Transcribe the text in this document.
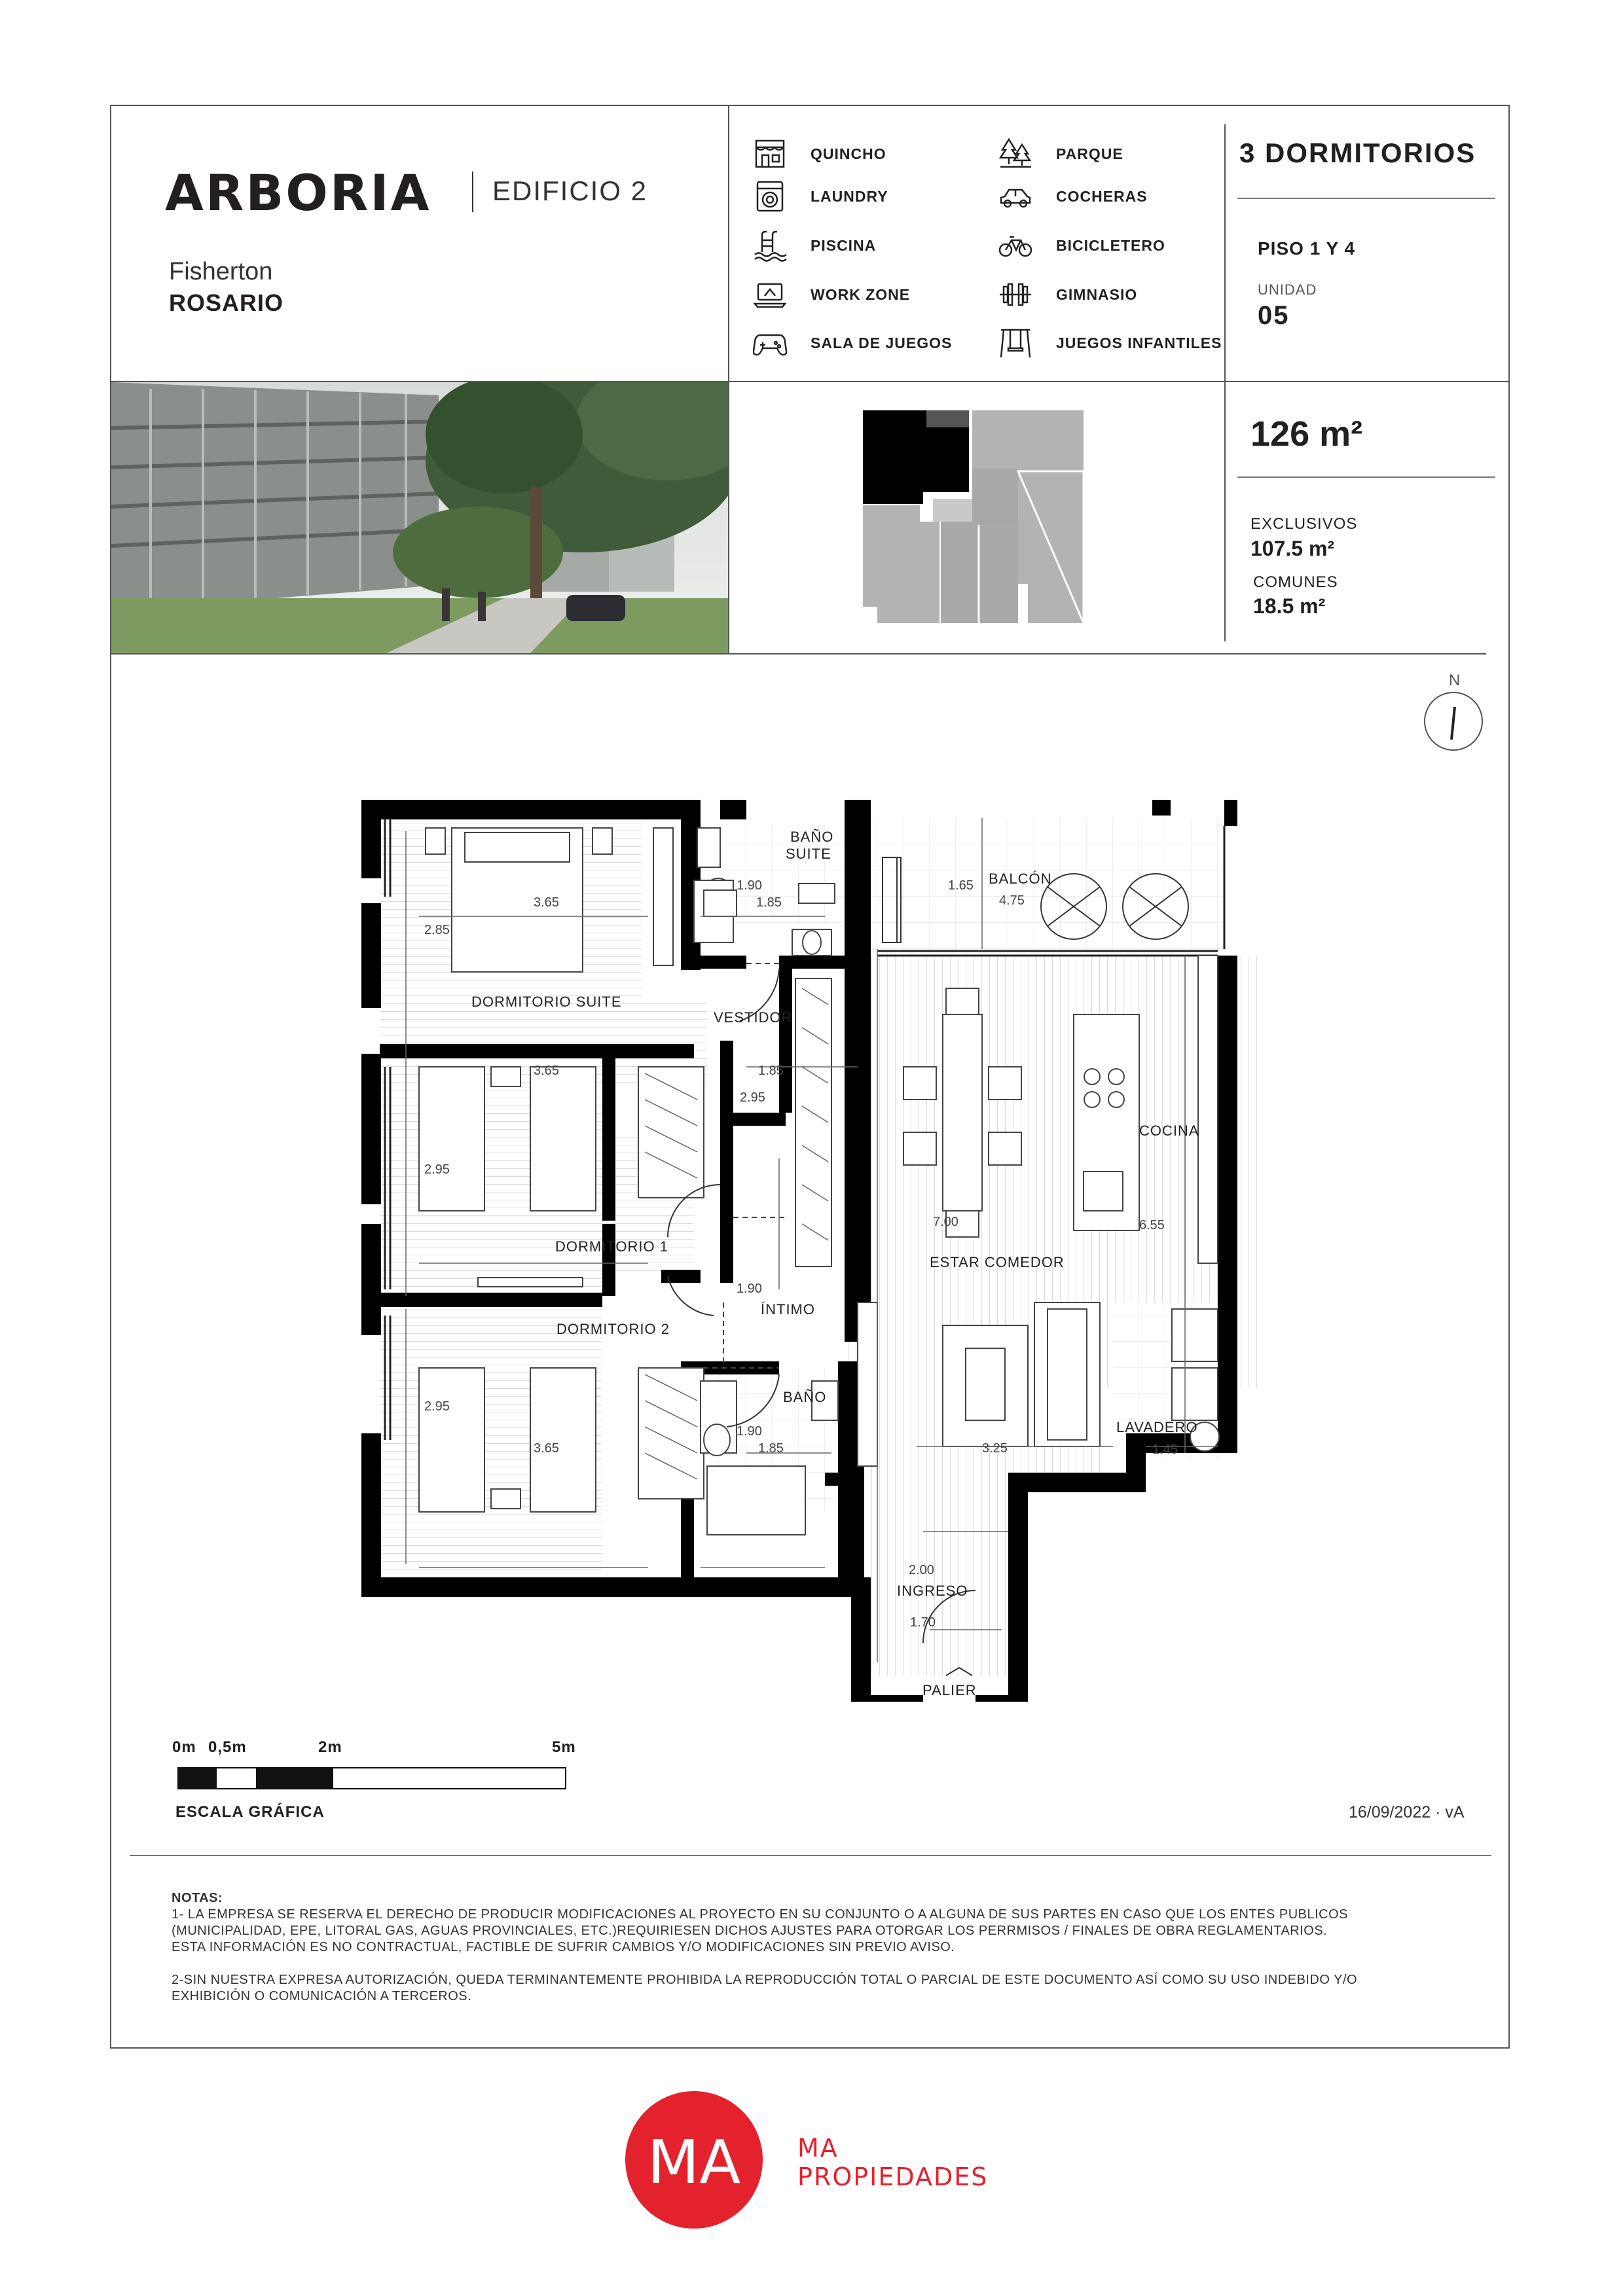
ARBORIA EDIFICIO 2
Fisherton
ROSARIO
QUINCHO
LAUNDRY
PISCINA
WORK ZONE
SALA DE JUEGOS
PARQUE
COCHERAS
BICICLETERO
GIMNASIO
JUEGOS INFANTILES
3 DORMITORIOS
PISO 1 Y 4
UNIDAD
05
126 m²
EXCLUSIVOS
107.5 m²
COMUNES
18.5 m²
N
BAÑO
SUITE
BALCÓN
DORMITORIO SUITE
VESTIDOR
COCINA
DORMITORIO 1
ESTAR COMEDOR
ÍNTIMO
DORMITORIO 2
BAÑO
LAVADERO
INGRESO
PALIER
3.65
2.85
1.90
1.85
1.65
4.75
3.65	1.85
2.95
2.95
7.00	6.55
1.90
2.95
1.90
3.65	1.85	3.25	1.45
2.00
1.70
0m 0,5m	2m	5m
ESCALA GRÁFICA	16/09/2022 · vA
NOTAS:
1- LA EMPRESA SE RESERVA EL DERECHO DE PRODUCIR MODIFICACIONES AL PROYECTO EN SU CONJUNTO O A ALGUNA DE SUS PARTES EN CASO QUE LOS ENTES PUBLICOS
(MUNICIPALIDAD, EPE, LITORAL GAS, AGUAS PROVINCIALES, ETC.)REQUIRIESEN DICHOS AJUSTES PARA OTORGAR LOS PERRMISOS / FINALES DE OBRA REGLAMENTARIOS.
ESTA INFORMACIÓN ES NO CONTRACTUAL, FACTIBLE DE SUFRIR CAMBIOS Y/O MODIFICACIONES SIN PREVIO AVISO.
2-SIN NUESTRA EXPRESA AUTORIZACIÓN, QUEDA TERMINANTEMENTE PROHIBIDA LA REPRODUCCIÓN TOTAL O PARCIAL DE ESTE DOCUMENTO ASÍ COMO SU USO INDEBIDO Y/O
EXHIBICIÓN O COMUNICACIÓN A TERCEROS.
MA	MA
PROPIEDADES
